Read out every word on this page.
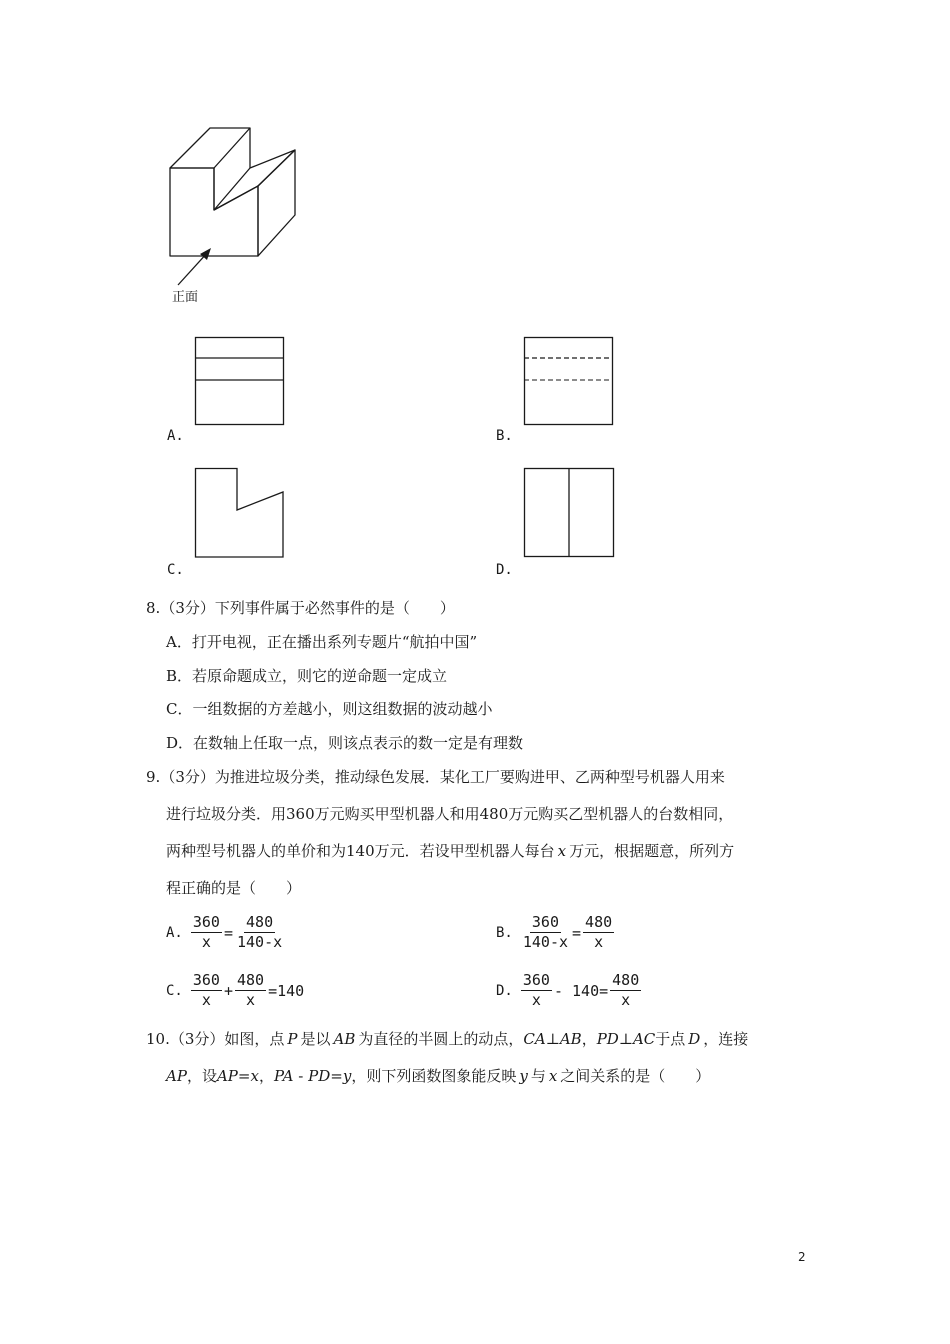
正面
A.	B.
C.	D.
8.（3分）下列事件属于必然事件的是（　　）
A．打开电视，正在播出系列专题片“航拍中国”
B．若原命题成立，则它的逆命题一定成立
C．一组数据的方差越小，则这组数据的波动越小
D．在数轴上任取一点，则该点表示的数一定是有理数
9.（3分）为推进垃圾分类，推动绿色发展．某化工厂要购进甲、乙两种型号机器人用来
进行垃圾分类．用360万元购买甲型机器人和用480万元购买乙型机器人的台数相同，
两种型号机器人的单价和为140万元．若设甲型机器人每台 x 万元，根据题意，所列方
程正确的是（　　）
A. $\frac{360}{x} = \frac{480}{140-x}$	B. $\frac{360}{140-x} = \frac{480}{x}$
C. $\frac{360}{x} + \frac{480}{x} =140$	D. $\frac{360}{x} - 140= \frac{480}{x}$
10.（3分）如图，点 P 是以 AB 为直径的半圆上的动点，CA⊥AB，PD⊥AC于点 D ，连接
AP，设AP=x，PA - PD=y，则下列函数图象能反映 y 与 x 之间关系的是（　　）
2
